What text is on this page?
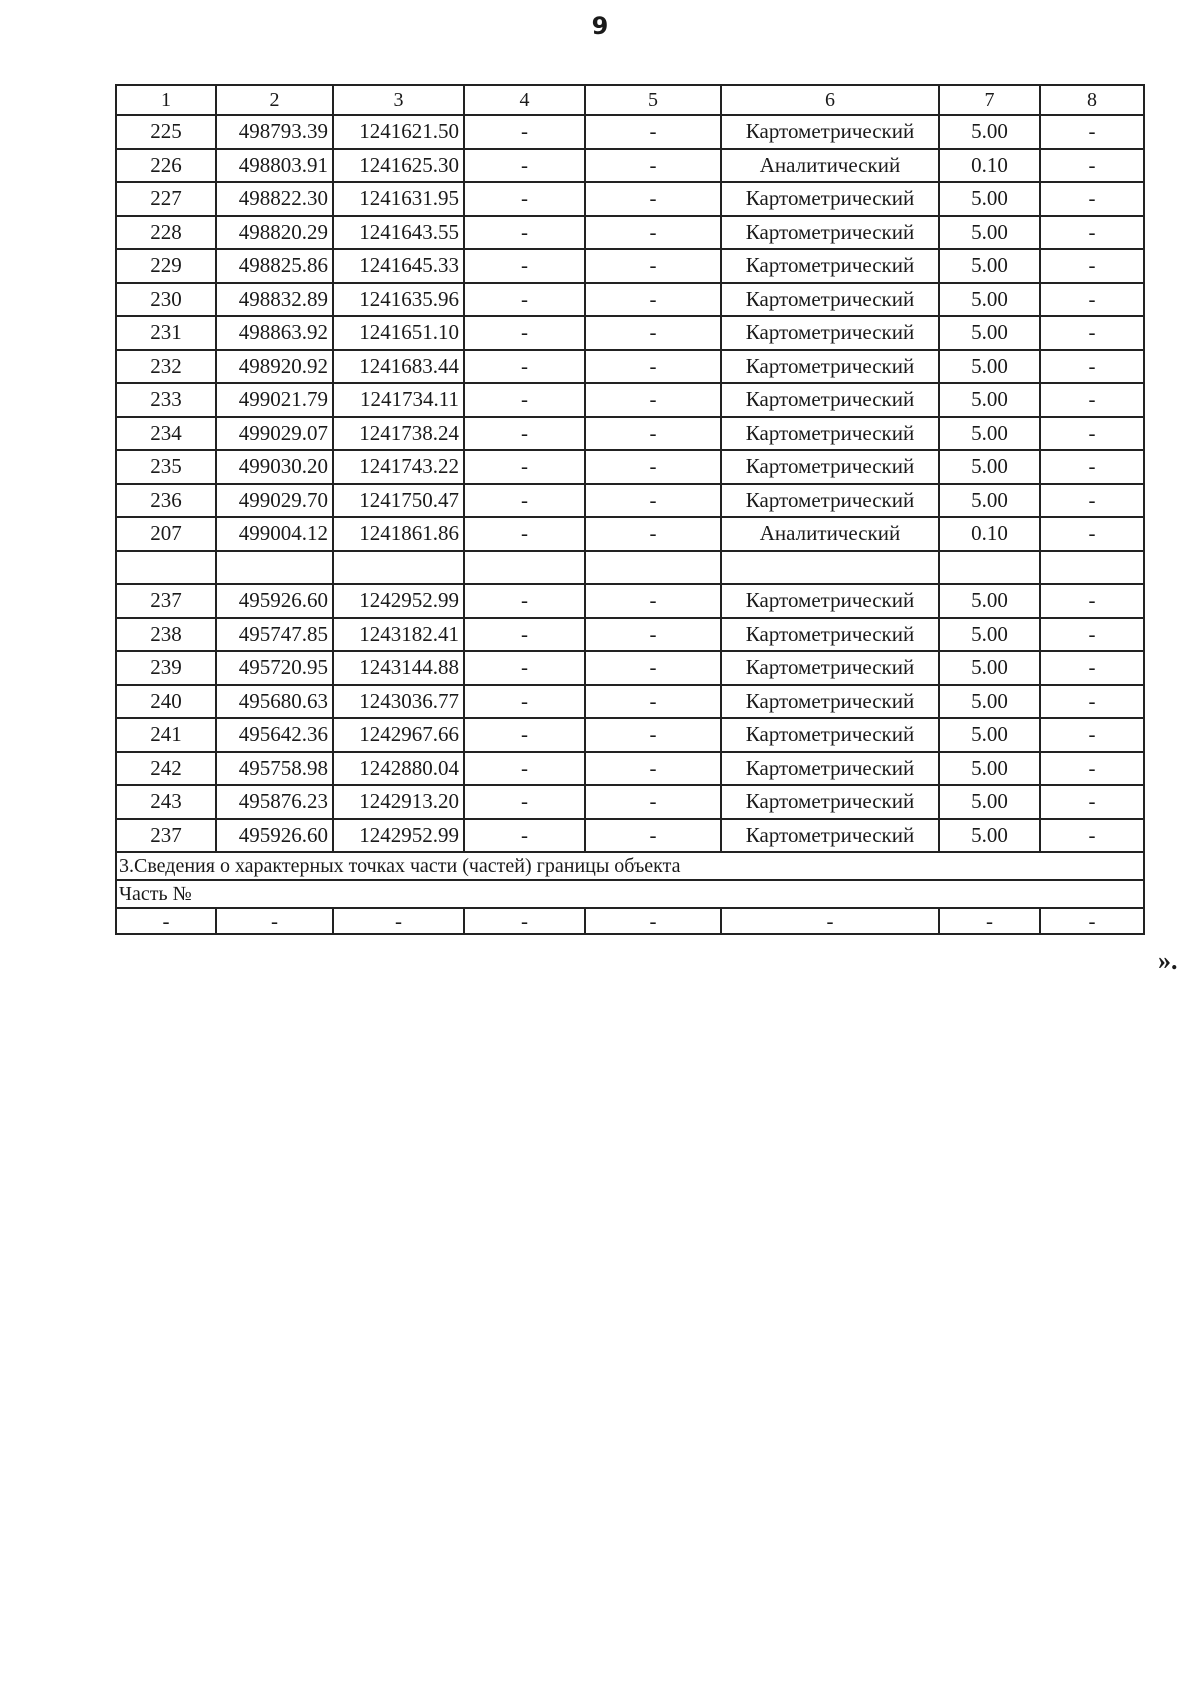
9
1	2	3	4	5	6	7	8
225	498793.39	1241621.50	-	-	Картометрический	5.00	-
226	498803.91	1241625.30	-	-	Аналитический	0.10	-
227	498822.30	1241631.95	-	-	Картометрический	5.00	-
228	498820.29	1241643.55	-	-	Картометрический	5.00	-
229	498825.86	1241645.33	-	-	Картометрический	5.00	-
230	498832.89	1241635.96	-	-	Картометрический	5.00	-
231	498863.92	1241651.10	-	-	Картометрический	5.00	-
232	498920.92	1241683.44	-	-	Картометрический	5.00	-
233	499021.79	1241734.11	-	-	Картометрический	5.00	-
234	499029.07	1241738.24	-	-	Картометрический	5.00	-
235	499030.20	1241743.22	-	-	Картометрический	5.00	-
236	499029.70	1241750.47	-	-	Картометрический	5.00	-
207	499004.12	1241861.86	-	-	Аналитический	0.10	-

237	495926.60	1242952.99	-	-	Картометрический	5.00	-
238	495747.85	1243182.41	-	-	Картометрический	5.00	-
239	495720.95	1243144.88	-	-	Картометрический	5.00	-
240	495680.63	1243036.77	-	-	Картометрический	5.00	-
241	495642.36	1242967.66	-	-	Картометрический	5.00	-
242	495758.98	1242880.04	-	-	Картометрический	5.00	-
243	495876.23	1242913.20	-	-	Картометрический	5.00	-
237	495926.60	1242952.99	-	-	Картометрический	5.00	-
3.Сведения о характерных точках части (частей) границы объекта							
Часть №							
-	-	-	-	-	-	-	-
».
